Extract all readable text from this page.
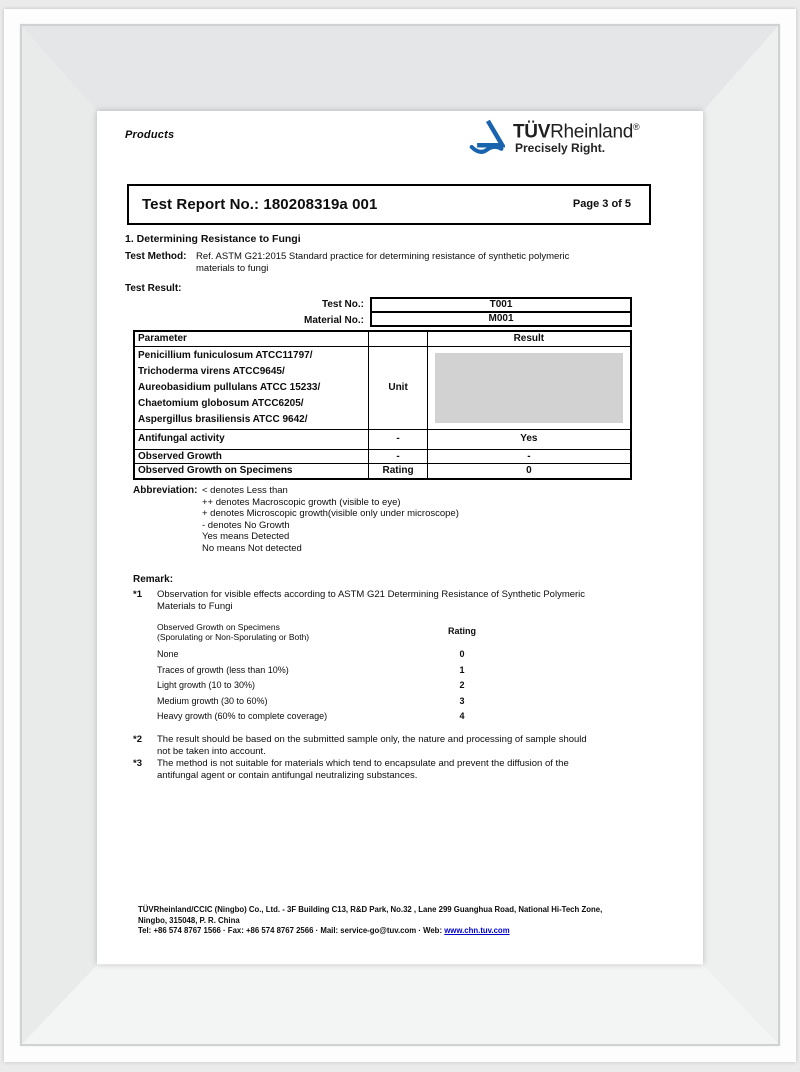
Products	TÜVRheinland®
Precisely Right.
Test Report No.: 180208319a 001	Page 3 of 5
1. Determining Resistance to Fungi
Test Method:	Ref. ASTM G21:2015 Standard practice for determining resistance of synthetic polymeric
materials to fungi
Test Result:
Test No.:	T001
Material No.:	M001
Parameter		Result

Penicillium funiculosum ATCC11797/
Trichoderma virens ATCC9645/
Aureobasidium pullulans ATCC 15233/
Chaetomium globosum ATCC6205/
Aspergillus brasiliensis ATCC 9642/	Unit	

Antifungal activity	-	Yes
Observed Growth	-	-
Observed Growth on Specimens	Rating	0
Abbreviation: < denotes Less than
++ denotes Macroscopic growth (visible to eye)
+ denotes Microscopic growth(visible only under microscope)
- denotes No Growth
Yes means Detected
No means Not detected
Remark:
*1	Observation for visible effects according to ASTM G21 Determining Resistance of Synthetic Polymeric
Materials to Fungi
Observed Growth on Specimens
(Sporulating or Non-Sporulating or Both)
Rating
None	0
Traces of growth (less than 10%)	1
Light growth (10 to 30%)	2
Medium growth (30 to 60%)	3
Heavy growth (60% to complete coverage)	4
*2	The result should be based on the submitted sample only, the nature and processing of sample should
not be taken into account.
*3	The method is not suitable for materials which tend to encapsulate and prevent the diffusion of the
antifungal agent or contain antifungal neutralizing substances.
TÜVRheinland/CCIC (Ningbo) Co., Ltd. - 3F Building C13, R&D Park, No.32 , Lane 299 Guanghua Road, National Hi-Tech Zone,
Ningbo, 315048, P. R. China
Tel: +86 574 8767 1566 · Fax: +86 574 8767 2566 · Mail: service-go@tuv.com · Web: www.chn.tuv.com
